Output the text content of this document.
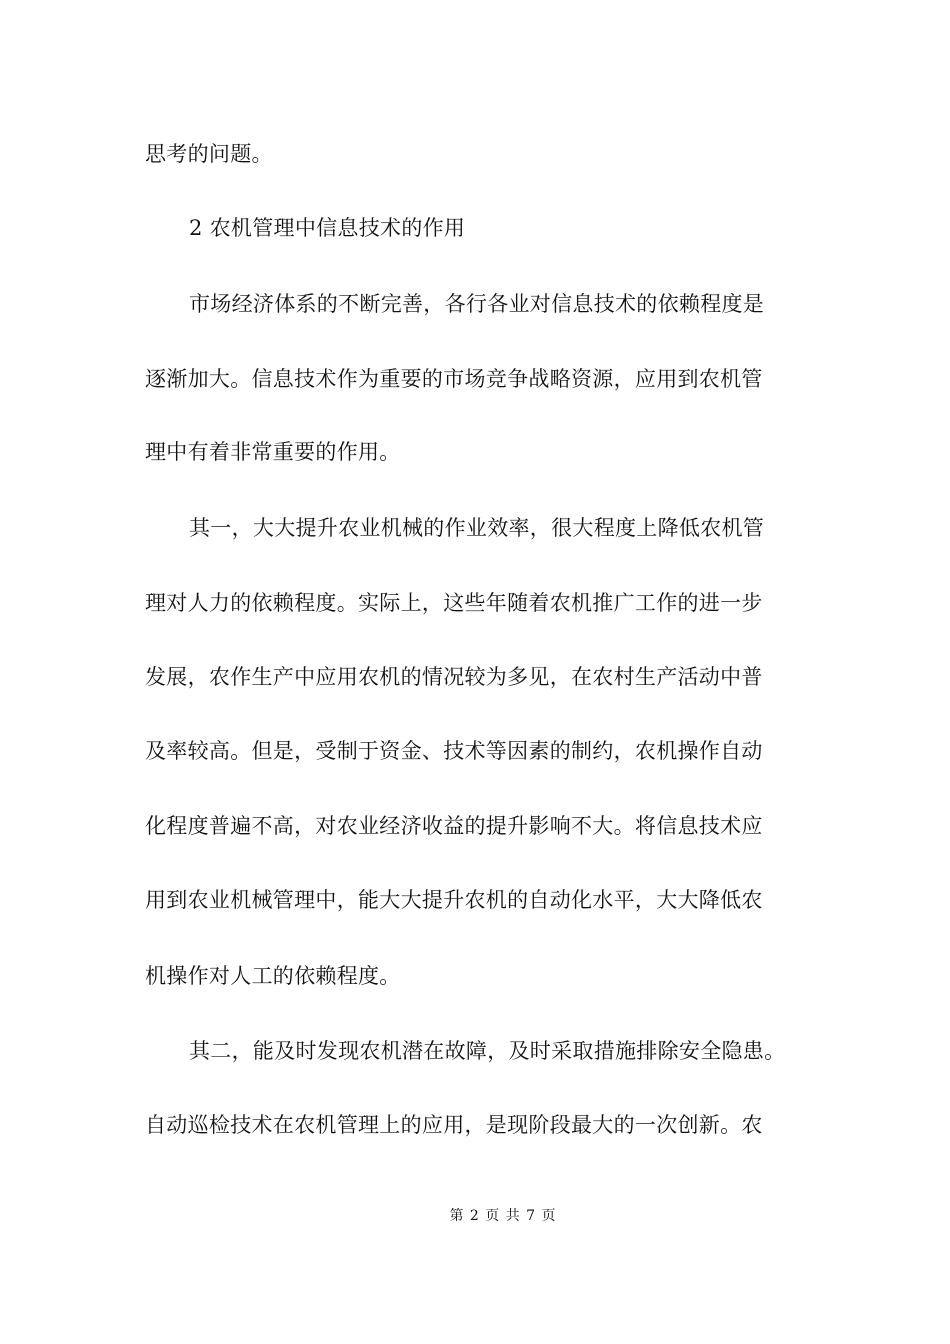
思考的问题。
2 农机管理中信息技术的作用
市场经济体系的不断完善，各行各业对信息技术的依赖程度是
逐渐加大。信息技术作为重要的市场竞争战略资源，应用到农机管
理中有着非常重要的作用。
其一，大大提升农业机械的作业效率，很大程度上降低农机管
理对人力的依赖程度。实际上，这些年随着农机推广工作的进一步
发展，农作生产中应用农机的情况较为多见，在农村生产活动中普
及率较高。但是，受制于资金、技术等因素的制约，农机操作自动
化程度普遍不高，对农业经济收益的提升影响不大。将信息技术应
用到农业机械管理中，能大大提升农机的自动化水平，大大降低农
机操作对人工的依赖程度。
其二，能及时发现农机潜在故障，及时采取措施排除安全隐患。
自动巡检技术在农机管理上的应用，是现阶段最大的一次创新。农
第 2 页 共 7 页
